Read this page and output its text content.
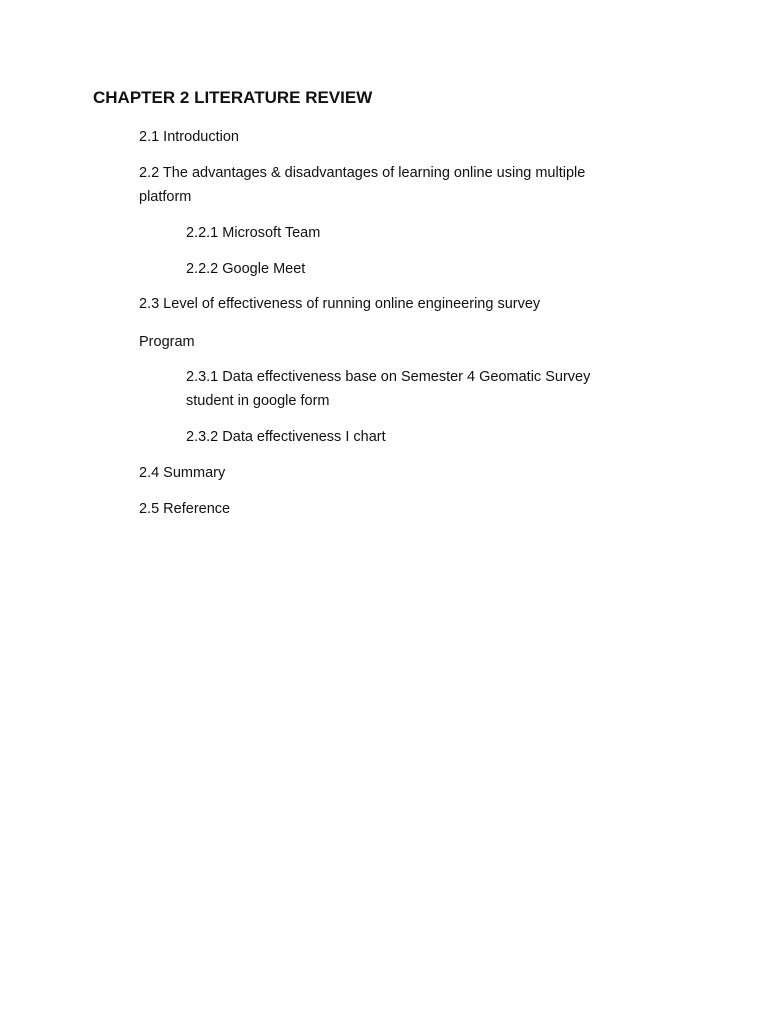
CHAPTER 2 LITERATURE REVIEW
2.1 Introduction
2.2 The advantages & disadvantages of learning online using multiple
platform
2.2.1 Microsoft Team
2.2.2 Google Meet
2.3 Level of effectiveness of running online engineering survey
Program
2.3.1 Data effectiveness base on Semester 4 Geomatic Survey
student in google form
2.3.2 Data effectiveness I chart
2.4 Summary
2.5 Reference
